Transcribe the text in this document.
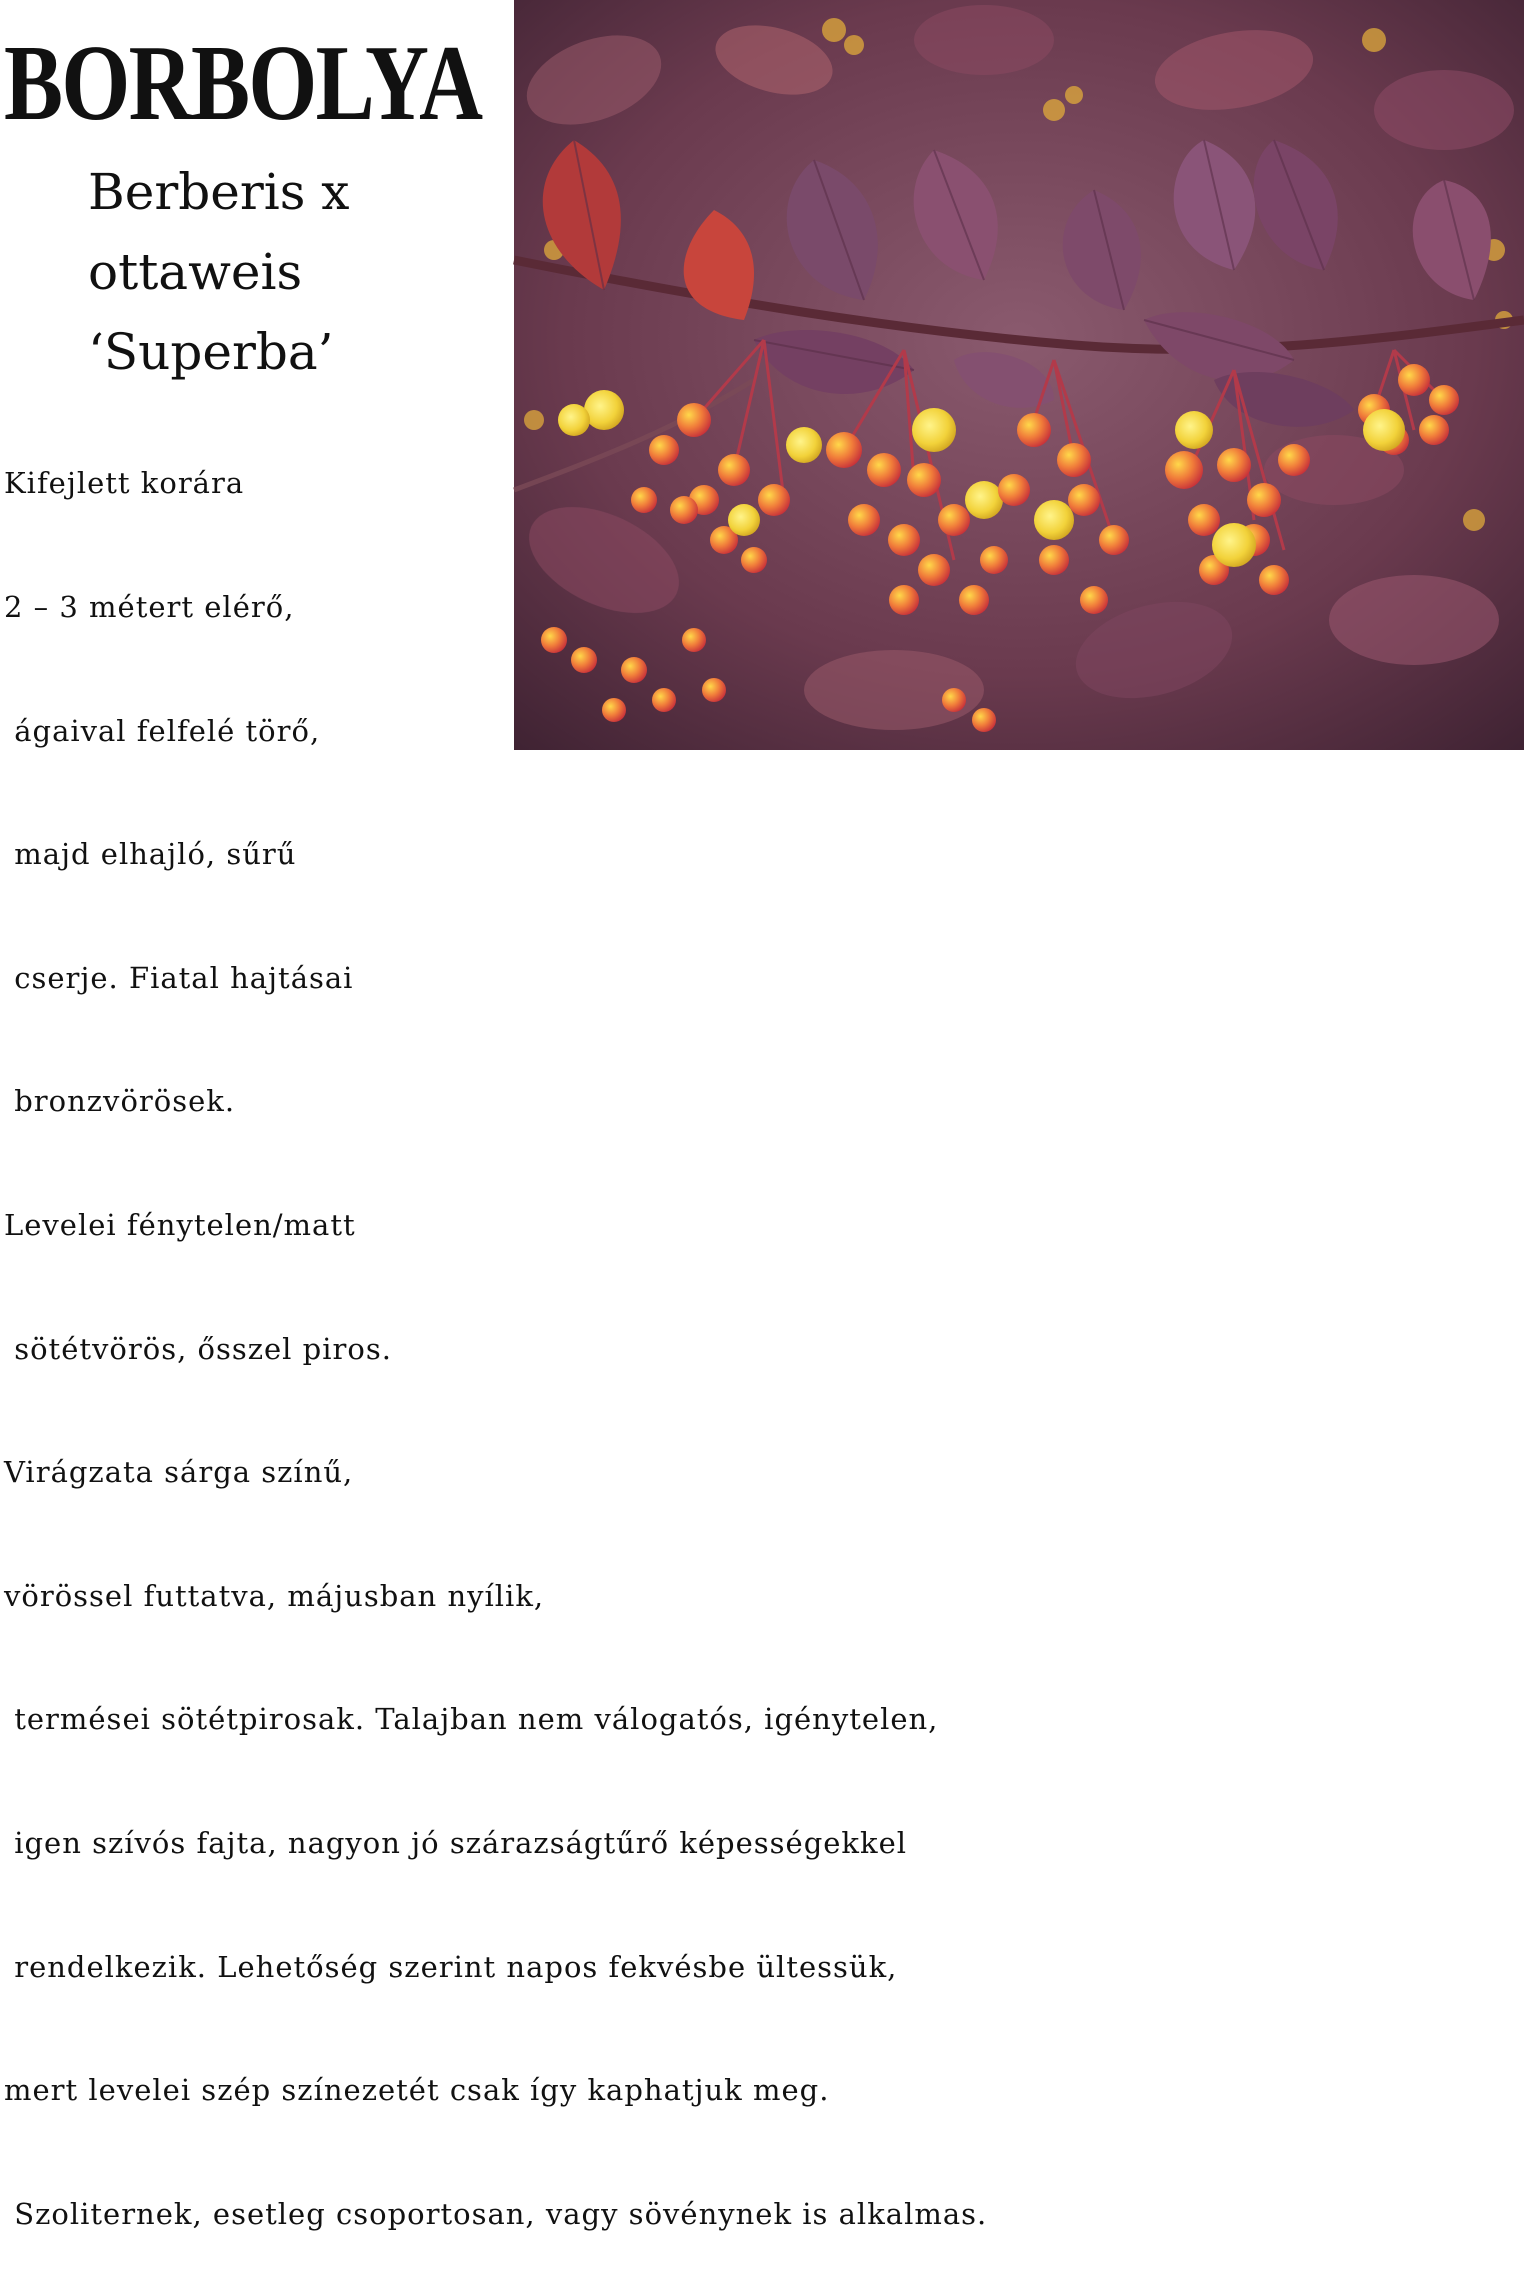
BORBOLYA
Berberis x
ottaweis
‘Superba’

Kifejlett korára

2 – 3 métert elérő,

ágaival felfelé törő,

majd elhajló, sűrű

cserje. Fiatal hajtásai

bronzvörösek.

Levelei fénytelen/matt

sötétvörös, ősszel piros.

Virágzata sárga színű,

vörössel futtatva, májusban nyílik,

termései sötétpirosak. Talajban nem válogatós, igénytelen,

igen szívós fajta, nagyon jó szárazságtűrő képességekkel

rendelkezik. Lehetőség szerint napos fekvésbe ültessük,

mert levelei szép színezetét csak így kaphatjuk meg.

Szoliternek, esetleg csoportosan, vagy sövénynek is alkalmas.
